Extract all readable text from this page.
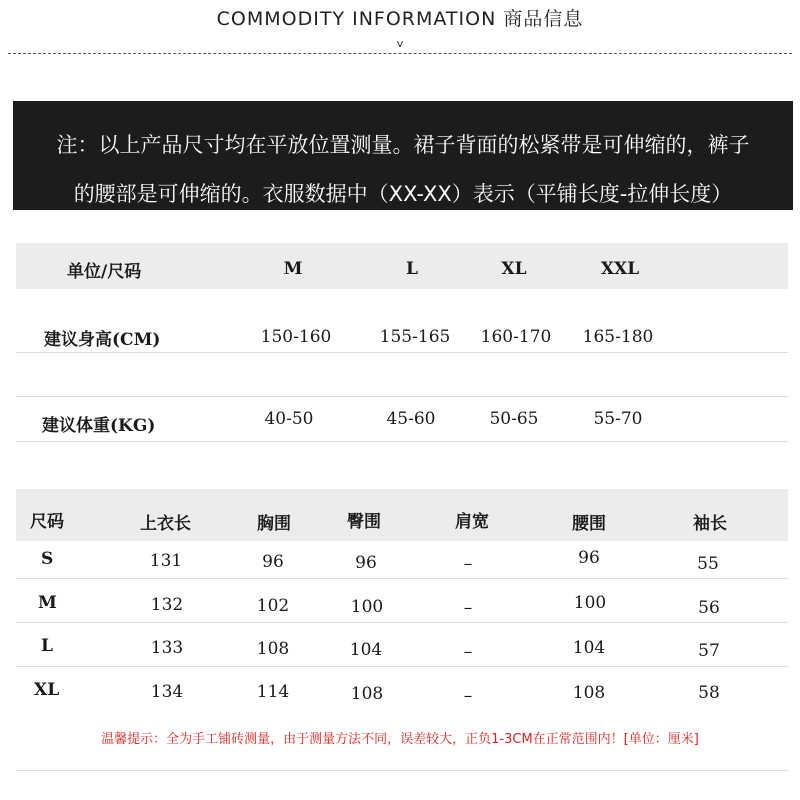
COMMODITY INFORMATION 商品信息
v
注：以上产品尺寸均在平放位置测量。裙子背面的松紧带是可伸缩的，裤子
的腰部是可伸缩的。衣服数据中（XX-XX）表示（平铺长度-拉伸长度）
单位/尺码	M	L	XL	XXL
建议身高(CM)	150-160	155-165 160-170 165-180
建议体重(KG)	40-50	45-60	50-65	55-70
尺码	上衣长	胸围	臀围	肩宽	腰围	袖长
S	131	96	96	–	96	55
M	132	102	100	–	100	56
L	133	108	104	–	104	57
XL	134	114	108	–	108	58
温馨提示：全为手工铺砖测量，由于测量方法不同，误差较大，正负1-3CM在正常范围内！[单位：厘米]
